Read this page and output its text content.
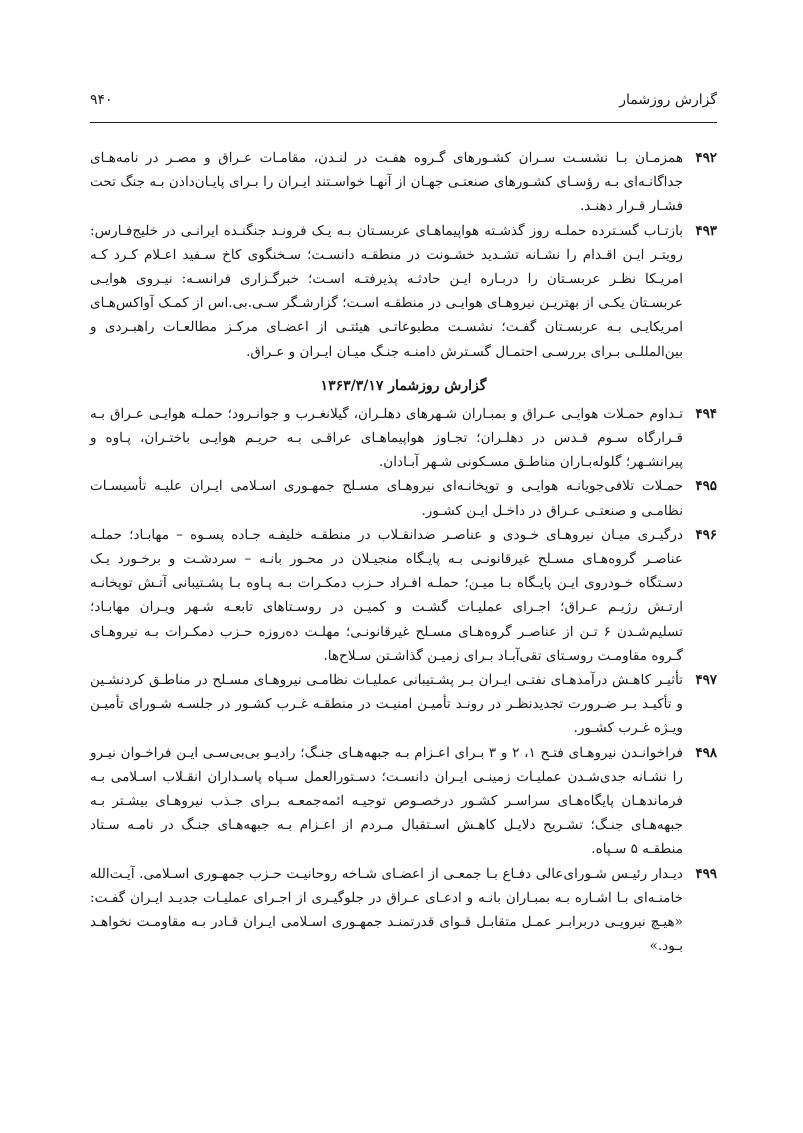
گزارش روزشمار
۹۴۰
۴۹۲
همزمـان بـا نشسـت سـران کشـورهای گـروه هفـت در لنـدن، مقامـات عـراق و مصـر در نامه‌هـای جداگانـه‌ای بـه رؤسـای کشـورهای صنعتـی جهـان از آنهـا خواسـتند ایـران را بـرای پایـان‌دادن بـه جنگ تحت فشـار قـرار دهنـد.
۴۹۳
بازتـاب گسـترده حملـه روز گذشـته هواپیماهـای عربسـتان بـه یـک فرونـد جنگنـده ایرانـی در خلیج‌فـارس: رویتـر ایـن اقـدام را نشـانه تشـدید خشـونت در منطقـه دانسـت؛ سـخنگوی کاخ سـفید اعـلام کـرد کـه امریـکا نظـر عربسـتان را دربـاره ایـن حادثـه پذیرفتـه اسـت؛ خبرگـزاری فرانسـه: نیـروی هوایـی عربسـتان یکـی از بهتریـن نیروهـای هوایـی در منطقـه اسـت؛ گزارشـگر سـی.بی.اس از کمـک آواکس‌هـای امریکایـی بـه عربسـتان گفـت؛ نشسـت مطبوعاتـی هیئتـی از اعضـای مرکـز مطالعـات راهبـردی و بین‌المللـی بـرای بررسـی احتمـال گسـترش دامنـه جنـگ میـان ایـران و عـراق.
گزارش روزشمار ۱۳۶۳/۳/۱۷
۴۹۴
تـداوم حمـلات هوایـی عـراق و بمبـاران شـهرهای دهلـران، گیلانغـرب و جوانـرود؛ حملـه هوایـی عـراق بـه قـرارگاه سـوم قـدس در دهلـران؛ تجـاوز هواپیماهـای عراقـی بـه حریـم هوایـی باختـران، پـاوه و پیرانشـهر؛ گلوله‌بـاران مناطـق مسـکونی شـهر آبـادان.
۴۹۵
حمـلات تلافی‌جویانـه هوایـی و توپخانـه‌ای نیروهـای مسـلح جمهـوری اسـلامی ایـران علیـه تأسیسـات نظامـی و صنعتـی عـراق در داخـل ایـن کشـور.
۴۹۶
درگیـری میـان نیروهـای خـودی و عناصـر ضدانقـلاب در منطقـه خلیفـه جـاده پسـوه – مهابـاد؛ حملـه عناصـر گروه‌هـای مسـلح غیرقانونـی بـه پایـگاه منجیـلان در محـور بانـه – سردشـت و برخـورد یـک دسـتگاه خـودروی ایـن پایـگاه بـا میـن؛ حملـه افـراد حـزب دمکـرات بـه پـاوه بـا پشـتیبانی آتـش توپخانـه ارتـش رژیـم عـراق؛ اجـرای عملیـات گشـت و کمیـن در روسـتاهای تابعـه شـهر ویـران مهابـاد؛ تسلیم‌شـدن ۶ تـن از عناصـر گروه‌هـای مسـلح غیرقانونـی؛ مهلـت ده‌روزه حـزب دمکـرات بـه نیروهـای گـروه مقاومـت روسـتای تقی‌آبـاد بـرای زمیـن گذاشـتن سـلاح‌ها.
۴۹۷
تأثیـر کاهـش درآمدهـای نفتـی ایـران بـر پشـتیبانی عملیـات نظامـی نیروهـای مسـلح در مناطـق کردنشـین و تأکیـد بـر ضـرورت تجدیدنظـر در رونـد تأمیـن امنیـت در منطقـه غـرب کشـور در جلسـه شـورای تأمیـن ویـژه غـرب کشـور.
۴۹۸
فراخوانـدن نیروهـای فتـح ۱، ۲ و ۳ بـرای اعـزام بـه جبهه‌هـای جنـگ؛ رادیـو بی‌بی‌سـی ایـن فراخـوان نیـرو را نشـانه جدی‌شـدن عملیـات زمینـی ایـران دانسـت؛ دسـتورالعمل سـپاه پاسـداران انقـلاب اسـلامی بـه فرماندهـان پایگاه‌هـای سراسـر کشـور درخصـوص توجیـه ائمه‌جمعـه بـرای جـذب نیروهـای بیشـتر بـه جبهه‌هـای جنـگ؛ تشـریح دلایـل کاهـش اسـتقبال مـردم از اعـزام بـه جبهه‌هـای جنـگ در نامـه سـتاد منطقـه ۵ سـپاه.
۴۹۹
دیـدار رئیـس شـورای‌عالی دفـاع بـا جمعـی از اعضـای شـاخه روحانیـت حـزب جمهـوری اسـلامی. آیـت‌الله خامنـه‌ای بـا اشـاره بـه بمبـاران بانـه و ادعـای عـراق در جلوگیـری از اجـرای عملیـات جدیـد ایـران گفـت: «هیـچ نیرویـی دربرابـر عمـل متقابـل قـوای قدرتمنـد جمهـوری اسـلامی ایـران قـادر بـه مقاومـت نخواهـد بـود.»
